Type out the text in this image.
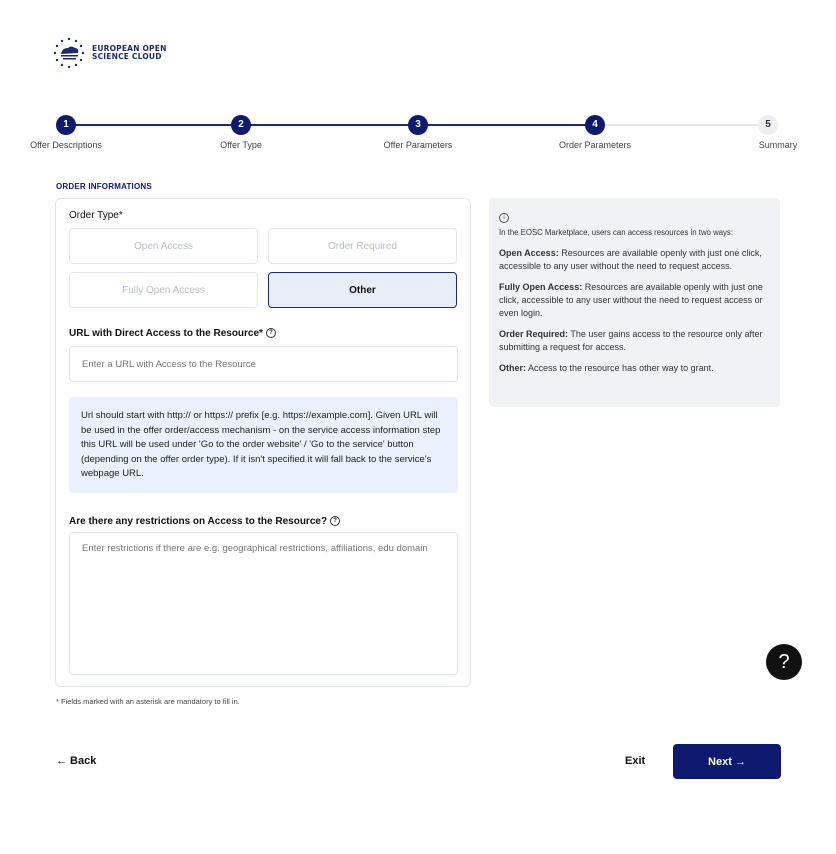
EUROPEAN OPEN
SCIENCE CLOUD
1
Offer Descriptions
2
Offer Type
3
Offer Parameters
4
Order Parameters
5
Summary
ORDER INFORMATIONS
Order Type*
Open Access	Order Required
Fully Open Access	Other
URL with Direct Access to the Resource* ?
Enter a URL with Access to the Resource
Url should start with http:// or https:// prefix [e.g. https://example.com]. Given URL will be used in the offer order/access mechanism - on the service access information step this URL will be used under 'Go to the order website' / 'Go to the service' button (depending on the offer order type). If it isn't specified it will fall back to the service's webpage URL.
Are there any restrictions on Access to the Resource? ?
Enter restrictions if there are e.g. geographical restrictions, affiliations, edu domain
* Fields marked with an asterisk are mandatory to fill in.
i

In the EOSC Marketplace, users can access resources in two ways:

Open Access: Resources are available openly with just one click, accessible to any user without the need to request access.

Fully Open Access: Resources are available openly with just one click, accessible to any user without the need to request access or even login.

Order Required: The user gains access to the resource only after submitting a request for access.

Other: Access to the resource has other way to grant.

?
← Back	Exit	Next →
